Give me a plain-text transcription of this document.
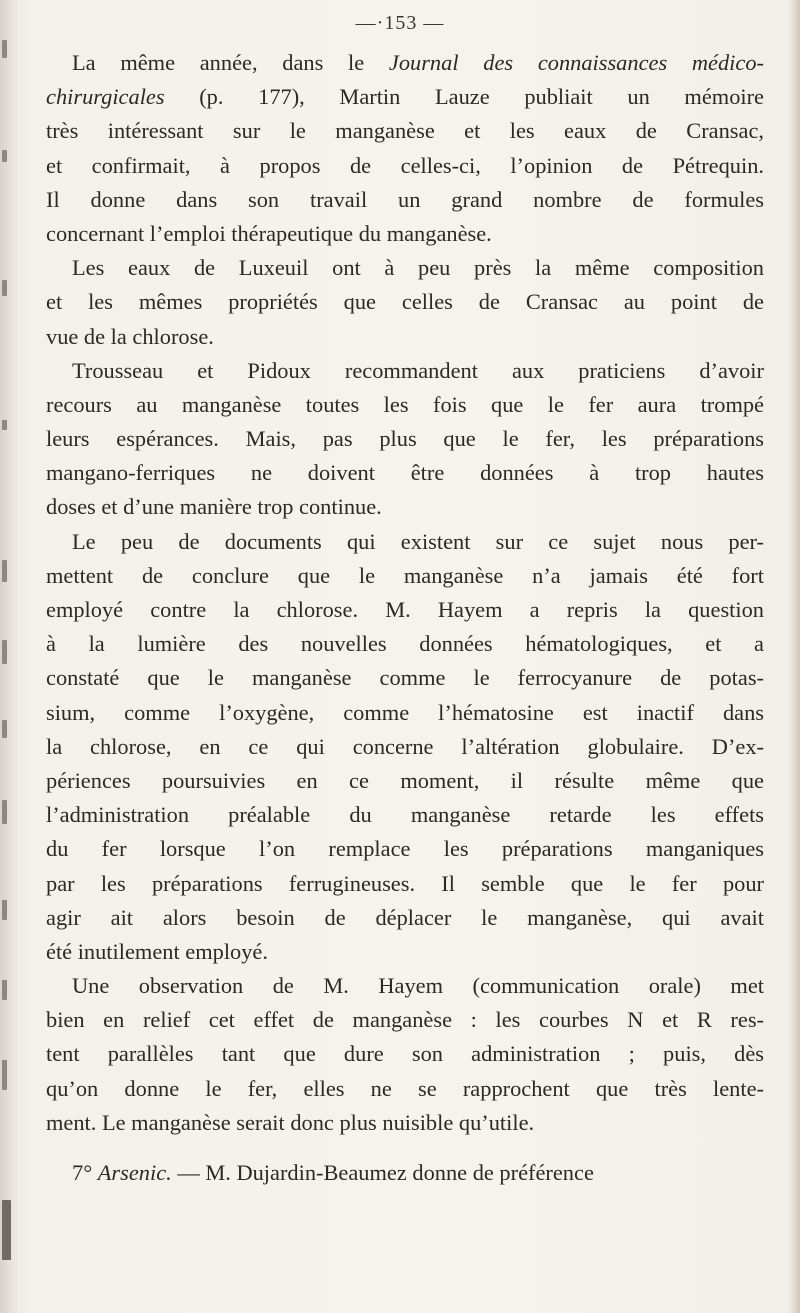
—·153 —
La même année, dans le Journal des connaissances médico-
chirurgicales (p. 177), Martin Lauze publiait un mémoire
très intéressant sur le manganèse et les eaux de Cransac,
et confirmait, à propos de celles-ci, l’opinion de Pétrequin.
Il donne dans son travail un grand nombre de formules
concernant l’emploi thérapeutique du manganèse.
Les eaux de Luxeuil ont à peu près la même composition
et les mêmes propriétés que celles de Cransac au point de
vue de la chlorose.
Trousseau et Pidoux recommandent aux praticiens d’avoir
recours au manganèse toutes les fois que le fer aura trompé
leurs espérances. Mais, pas plus que le fer, les préparations
mangano-ferriques ne doivent être données à trop hautes
doses et d’une manière trop continue.
Le peu de documents qui existent sur ce sujet nous per-
mettent de conclure que le manganèse n’a jamais été fort
employé contre la chlorose. M. Hayem a repris la question
à la lumière des nouvelles données hématologiques, et a
constaté que le manganèse comme le ferrocyanure de potas-
sium, comme l’oxygène, comme l’hématosine est inactif dans
la chlorose, en ce qui concerne l’altération globulaire. D’ex-
périences poursuivies en ce moment, il résulte même que
l’administration préalable du manganèse retarde les effets
du fer lorsque l’on remplace les préparations manganiques
par les préparations ferrugineuses. Il semble que le fer pour
agir ait alors besoin de déplacer le manganèse, qui avait
été inutilement employé.
Une observation de M. Hayem (communication orale) met
bien en relief cet effet de manganèse : les courbes N et R res-
tent parallèles tant que dure son administration ; puis, dès
qu’on donne le fer, elles ne se rapprochent que très lente-
ment. Le manganèse serait donc plus nuisible qu’utile.
7° Arsenic. — M. Dujardin-Beaumez donne de préférence
